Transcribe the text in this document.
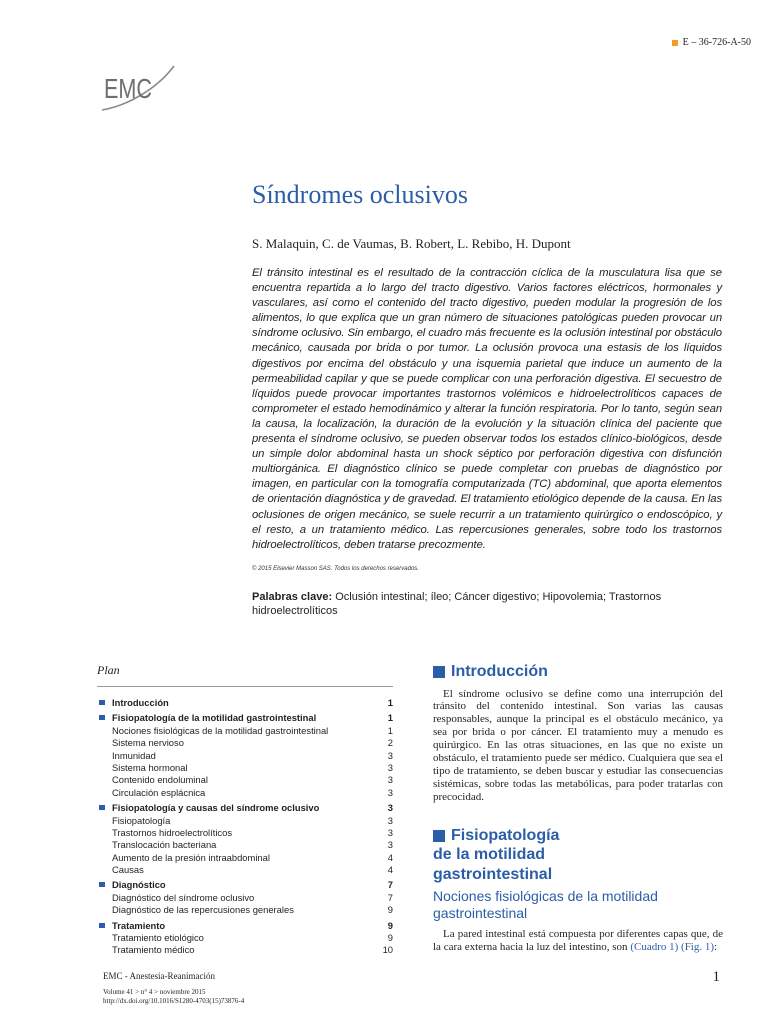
E – 36-726-A-50
EMC
Síndromes oclusivos
S. Malaquin, C. de Vaumas, B. Robert, L. Rebibo, H. Dupont

El tránsito intestinal es el resultado de la contracción cíclica de la musculatura lisa que se encuentra repartida a lo largo del tracto digestivo. Varios factores eléctricos, hormonales y vasculares, así como el contenido del tracto digestivo, pueden modular la progresión de los alimentos, lo que explica que un gran número de situaciones patológicas pueden provocar un síndrome oclusivo. Sin embargo, el cuadro más frecuente es la oclusión intestinal por obstáculo mecánico, causada por brida o por tumor. La oclusión provoca una estasis de los líquidos digestivos por encima del obstáculo y una isquemia parietal que induce un aumento de la permeabilidad capilar y que se puede complicar con una perforación digestiva. El secuestro de líquidos puede provocar importantes trastornos volémicos e hidroelectrolíticos capaces de comprometer el estado hemodinámico y alterar la función respiratoria. Por lo tanto, según sean la causa, la localización, la duración de la evolución y la situación clínica del paciente que presenta el síndrome oclusivo, se pueden observar todos los estados clínico-biológicos, desde un simple dolor abdominal hasta un shock séptico por perforación digestiva con disfunción multiorgánica. El diagnóstico clínico se puede completar con pruebas de diagnóstico por imagen, en particular con la tomografía computarizada (TC) abdominal, que aporta elementos de orientación diagnóstica y de gravedad. El tratamiento etiológico depende de la causa. En las oclusiones de origen mecánico, se suele recurrir a un tratamiento quirúrgico o endoscópico, y el resto, a un tratamiento médico. Las repercusiones generales, sobre todo los trastornos hidroelectrolíticos, deben tratarse precozmente.

© 2015 Elsevier Masson SAS. Todos los derechos reservados.
Palabras clave: Oclusión intestinal; íleo; Cáncer digestivo; Hipovolemia; Trastornos hidroelectrolíticos
Plan
Introducción	1
Fisiopatología de la motilidad gastrointestinal	1
Nociones fisiológicas de la motilidad gastrointestinal	1
Sistema nervioso	2
Inmunidad	3
Sistema hormonal	3
Contenido endoluminal	3
Circulación esplácnica	3
Fisiopatología y causas del síndrome oclusivo	3
Fisiopatología	3
Trastornos hidroelectrolíticos	3
Translocación bacteriana	3
Aumento de la presión intraabdominal	4
Causas	4
Diagnóstico	7
Diagnóstico del síndrome oclusivo	7
Diagnóstico de las repercusiones generales	9
Tratamiento	9
Tratamiento etiológico	9
Tratamiento médico	10
Introducción

El síndrome oclusivo se define como una interrupción del tránsito del contenido intestinal. Son varias las causas responsables, aunque la principal es el obstáculo mecánico, ya sea por brida o por cáncer. El tratamiento muy a menudo es quirúrgico. En las otras situaciones, en las que no existe un obstáculo, el tratamiento puede ser médico. Cualquiera que sea el tipo de tratamiento, se deben buscar y estudiar las consecuencias sistémicas, sobre todas las metabólicas, para poder tratarlas con precocidad.

Fisiopatología
de la motilidad
gastrointestinal
Nociones fisiológicas de la motilidad gastrointestinal

La pared intestinal está compuesta por diferentes capas que, de la cara externa hacia la luz del intestino, son (Cuadro 1) (Fig. 1):

EMC - Anestesia-Reanimación
Volume 41 > n° 4 > noviembre 2015
http://dx.doi.org/10.1016/S1280-4703(15)73876-4
1
